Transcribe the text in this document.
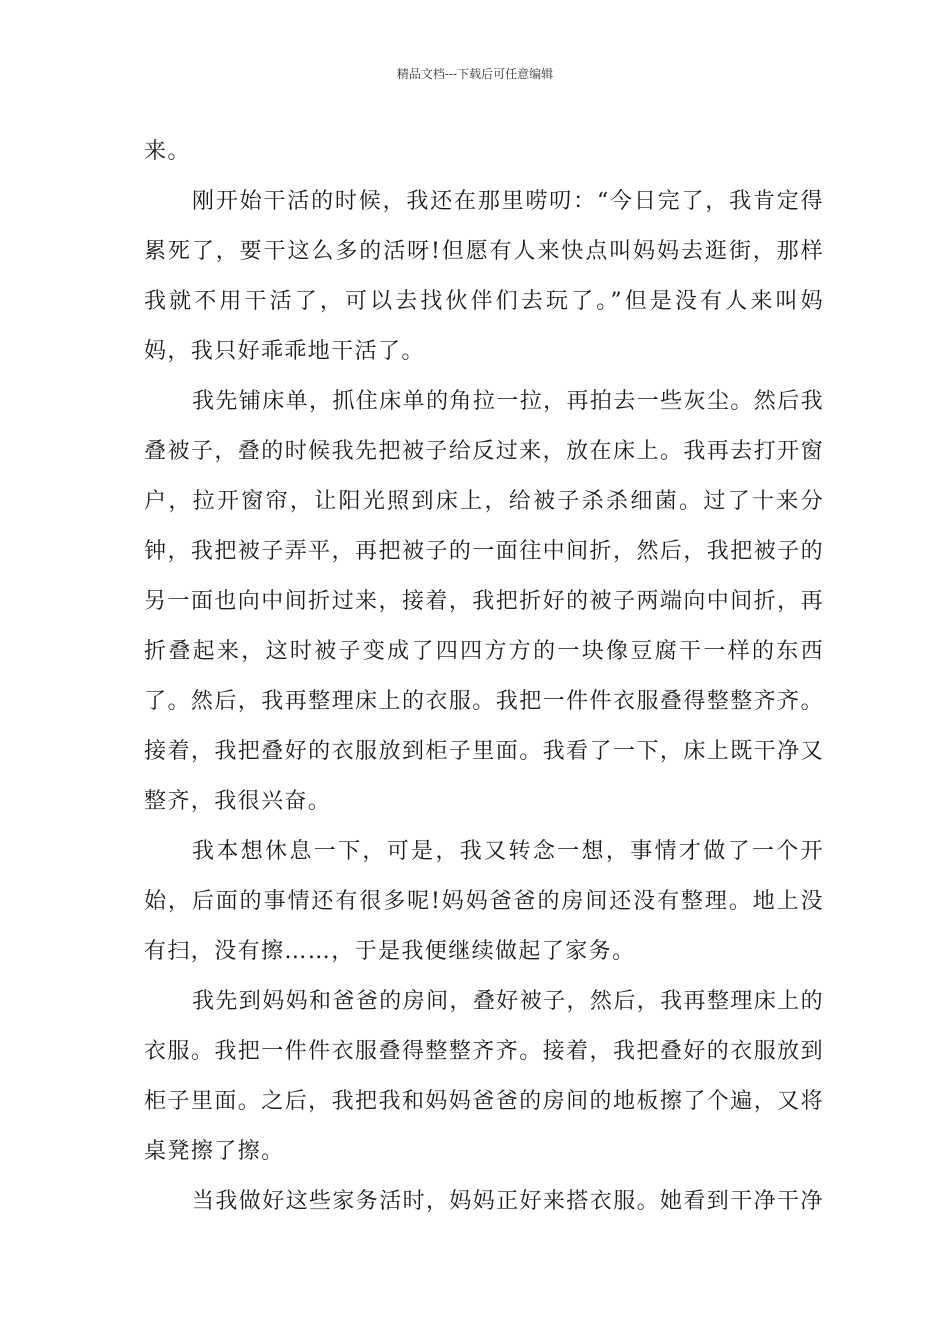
精品文档---下载后可任意编辑

来。

刚开始干活的时候，我还在那里唠叨：“今日完了，我肯定得累死了，要干这么多的活呀!但愿有人来快点叫妈妈去逛街，那样我就不用干活了，可以去找伙伴们去玩了。”但是没有人来叫妈妈，我只好乖乖地干活了。

我先铺床单，抓住床单的角拉一拉，再拍去一些灰尘。然后我叠被子，叠的时候我先把被子给反过来，放在床上。我再去打开窗户，拉开窗帘，让阳光照到床上，给被子杀杀细菌。过了十来分钟，我把被子弄平，再把被子的一面往中间折，然后，我把被子的另一面也向中间折过来，接着，我把折好的被子两端向中间折，再折叠起来，这时被子变成了四四方方的一块像豆腐干一样的东西了。然后，我再整理床上的衣服。我把一件件衣服叠得整整齐齐。接着，我把叠好的衣服放到柜子里面。我看了一下，床上既干净又整齐，我很兴奋。

我本想休息一下，可是，我又转念一想，事情才做了一个开始，后面的事情还有很多呢!妈妈爸爸的房间还没有整理。地上没有扫，没有擦……，于是我便继续做起了家务。

我先到妈妈和爸爸的房间，叠好被子，然后，我再整理床上的衣服。我把一件件衣服叠得整整齐齐。接着，我把叠好的衣服放到柜子里面。之后，我把我和妈妈爸爸的房间的地板擦了个遍，又将桌凳擦了擦。

当我做好这些家务活时，妈妈正好来搭衣服。她看到干净干净
